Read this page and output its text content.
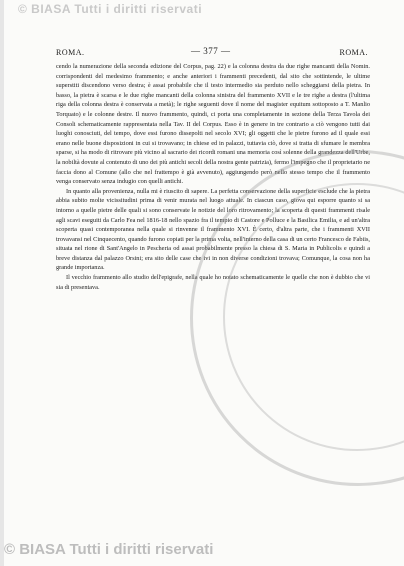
© BIASA Tutti i diritti riservati
ROMA.	— 377 —	ROMA.

cendo la numerazione della seconda edizione del Corpus, pag. 22) e la colonna destra da due righe mancanti della Nomin. corrispondenti del medesimo frammento; e anche anteriori i frammenti precedenti, dal sito che sottintende, le ultime superstiti discendono verso destra; è assai probabile che il testo intermedio sia perduto nello scheggiarsi della pietra. In basso, la pietra è scarsa e le due righe mancanti della colonna sinistra del frammento XVII e le tre righe a destra (l'ultima riga della colonna destra è conservata a metà); le righe seguenti dove il nome del magister equitum sottoposto a T. Manlio Torquato) e le colonne destre. Il nuovo frammento, quindi, ci porta una completamente in sezione della Terza Tavola dei Consoli schematicamente rappresentata nella Tav. II del Corpus. Esso è in genere in tre contrario a ciò vengono tutti dai luoghi conosciuti, del tempo, dove essi furono dissepolti nel secolo XVI; gli oggetti che le pietre furono ad il quale essi erano nelle buone disposizioni in cui si trovavano; in chiese ed in palazzi, tuttavia ciò, dove si tratta di sfumare le membra sparse, si ha modo di ritrovare più vicino al sacrario dei ricordi romani una memoria così solenne della grandezza dell'Urbe, la nobiltà dovute al contenuto di uno dei più antichi secoli della nostra gente patrizia), fermo l'impegno che il proprietario ne faccia dono al Comune (allo che nel frattempo è già avvenuto), aggiungendo però nello stesso tempo che il frammento venga conservato senza indugio con quelli antichi.

In quanto alla provenienza, nulla mi è riuscito di sapere. La perfetta conservazione della superficie esclude che la pietra abbia subito molte vicissitudini prima di venir murata nel luogo attuale. In ciascun caso, giova qui esporre quanto si sa intorno a quelle pietre delle quali si sono conservate le notizie del loro ritrovamento; la scoperta di questi frammenti risale agli scavi eseguiti da Carlo Fea nel 1816-18 nello spazio fra il tempio di Castore e Polluce e la Basilica Emilia, e ad un'altra scoperta quasi contemporanea nella quale si rinvenne il frammento XVI. È certo, d'altra parte, che i frammenti XVII trovavansi nel Cinquecento, quando furono copiati per la prima volta, nell'interno della casa di un certo Francesco de Fabiis, situata nel rione di Sant'Angelo in Pescheria od assai probabilmente presso la chiesa di S. Maria in Publicolis e quindi a breve distanza dal palazzo Orsini; era sito delle case che ivi in non diverse condizioni trovava; Comunque, la cosa non ha grande importanza.

Il vecchio frammento allo studio dell'epigrafe, nella quale ho notato schematicamente le quelle che non è dubbio che vi sia di presentava.

© BIASA Tutti i diritti riservati
